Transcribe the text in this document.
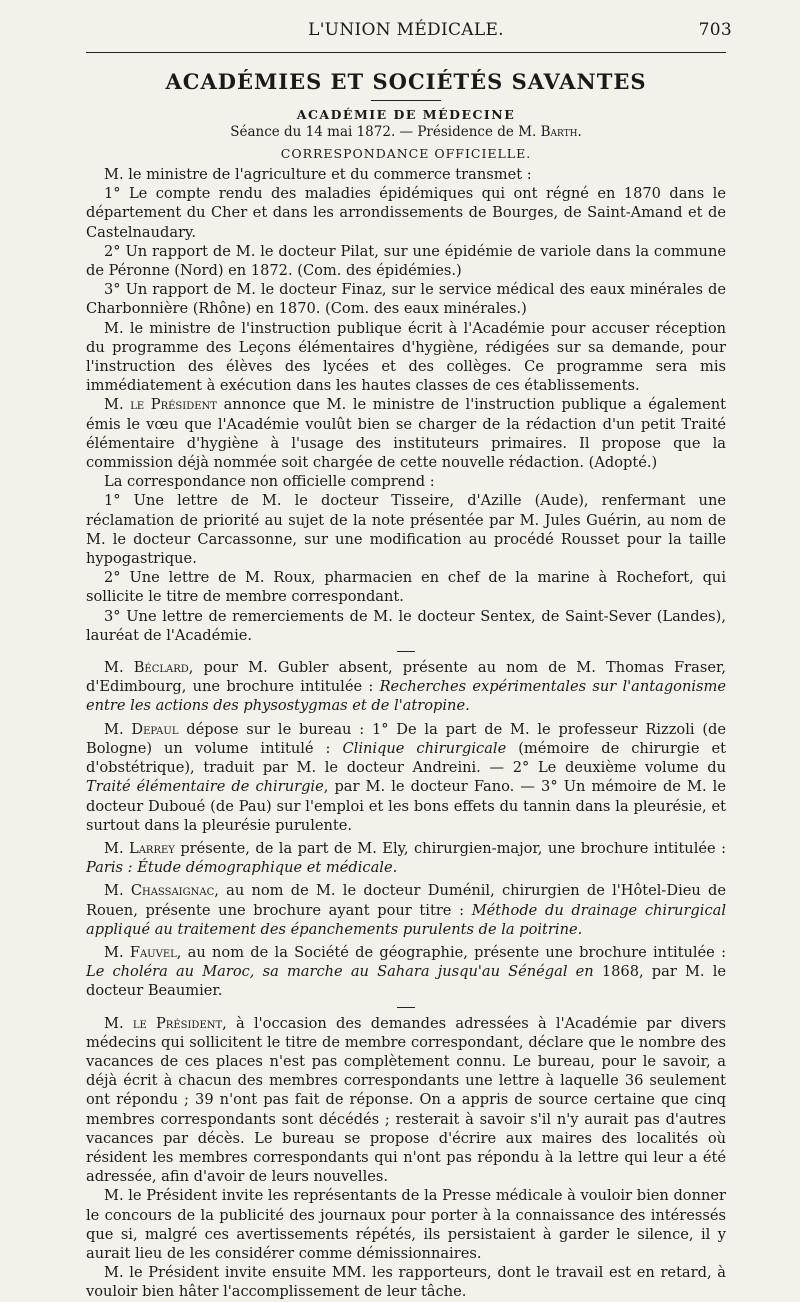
L'UNION MÉDICALE.	703
ACADÉMIES ET SOCIÉTÉS SAVANTES
ACADÉMIE DE MÉDECINE
Séance du 14 mai 1872. — Présidence de M. Barth.
CORRESPONDANCE OFFICIELLE.

M. le ministre de l'agriculture et du commerce transmet :

1° Le compte rendu des maladies épidémiques qui ont régné en 1870 dans le département du Cher et dans les arrondissements de Bourges, de Saint-Amand et de Castelnaudary.

2° Un rapport de M. le docteur Pilat, sur une épidémie de variole dans la commune de Péronne (Nord) en 1872. (Com. des épidémies.)

3° Un rapport de M. le docteur Finaz, sur le service médical des eaux minérales de Charbonnière (Rhône) en 1870. (Com. des eaux minérales.)

M. le ministre de l'instruction publique écrit à l'Académie pour accuser réception du programme des Leçons élémentaires d'hygiène, rédigées sur sa demande, pour l'instruction des élèves des lycées et des collèges. Ce programme sera mis immédiatement à exécution dans les hautes classes de ces établissements.

M. le Président annonce que M. le ministre de l'instruction publique a également émis le vœu que l'Académie voulût bien se charger de la rédaction d'un petit Traité élémentaire d'hygiène à l'usage des instituteurs primaires. Il propose que la commission déjà nommée soit chargée de cette nouvelle rédaction. (Adopté.)

La correspondance non officielle comprend :

1° Une lettre de M. le docteur Tisseire, d'Azille (Aude), renfermant une réclamation de priorité au sujet de la note présentée par M. Jules Guérin, au nom de M. le docteur Carcassonne, sur une modification au procédé Rousset pour la taille hypogastrique.

2° Une lettre de M. Roux, pharmacien en chef de la marine à Rochefort, qui sollicite le titre de membre correspondant.

3° Une lettre de remerciements de M. le docteur Sentex, de Saint-Sever (Landes), lauréat de l'Académie.

M. Béclard, pour M. Gubler absent, présente au nom de M. Thomas Fraser, d'Edimbourg, une brochure intitulée : Recherches expérimentales sur l'antagonisme entre les actions des physostygmas et de l'atropine.

M. Depaul dépose sur le bureau : 1° De la part de M. le professeur Rizzoli (de Bologne) un volume intitulé : Clinique chirurgicale (mémoire de chirurgie et d'obstétrique), traduit par M. le docteur Andreini. — 2° Le deuxième volume du Traité élémentaire de chirurgie, par M. le docteur Fano. — 3° Un mémoire de M. le docteur Duboué (de Pau) sur l'emploi et les bons effets du tannin dans la pleurésie, et surtout dans la pleurésie purulente.

M. Larrey présente, de la part de M. Ely, chirurgien-major, une brochure intitulée : Paris : Étude démographique et médicale.

M. Chassaignac, au nom de M. le docteur Duménil, chirurgien de l'Hôtel-Dieu de Rouen, présente une brochure ayant pour titre : Méthode du drainage chirurgical appliqué au traitement des épanchements purulents de la poitrine.

M. Fauvel, au nom de la Société de géographie, présente une brochure intitulée : Le choléra au Maroc, sa marche au Sahara jusqu'au Sénégal en 1868, par M. le docteur Beaumier.

M. le Président, à l'occasion des demandes adressées à l'Académie par divers médecins qui sollicitent le titre de membre correspondant, déclare que le nombre des vacances de ces places n'est pas complètement connu. Le bureau, pour le savoir, a déjà écrit à chacun des membres correspondants une lettre à laquelle 36 seulement ont répondu ; 39 n'ont pas fait de réponse. On a appris de source certaine que cinq membres correspondants sont décédés ; resterait à savoir s'il n'y aurait pas d'autres vacances par décès. Le bureau se propose d'écrire aux maires des localités où résident les membres correspondants qui n'ont pas répondu à la lettre qui leur a été adressée, afin d'avoir de leurs nouvelles.

M. le Président invite les représentants de la Presse médicale à vouloir bien donner le concours de la publicité des journaux pour porter à la connaissance des intéressés que si, malgré ces avertissements répétés, ils persistaient à garder le silence, il y aurait lieu de les considérer comme démissionnaires.

M. le Président invite ensuite MM. les rapporteurs, dont le travail est en retard, à vouloir bien hâter l'accomplissement de leur tâche.
